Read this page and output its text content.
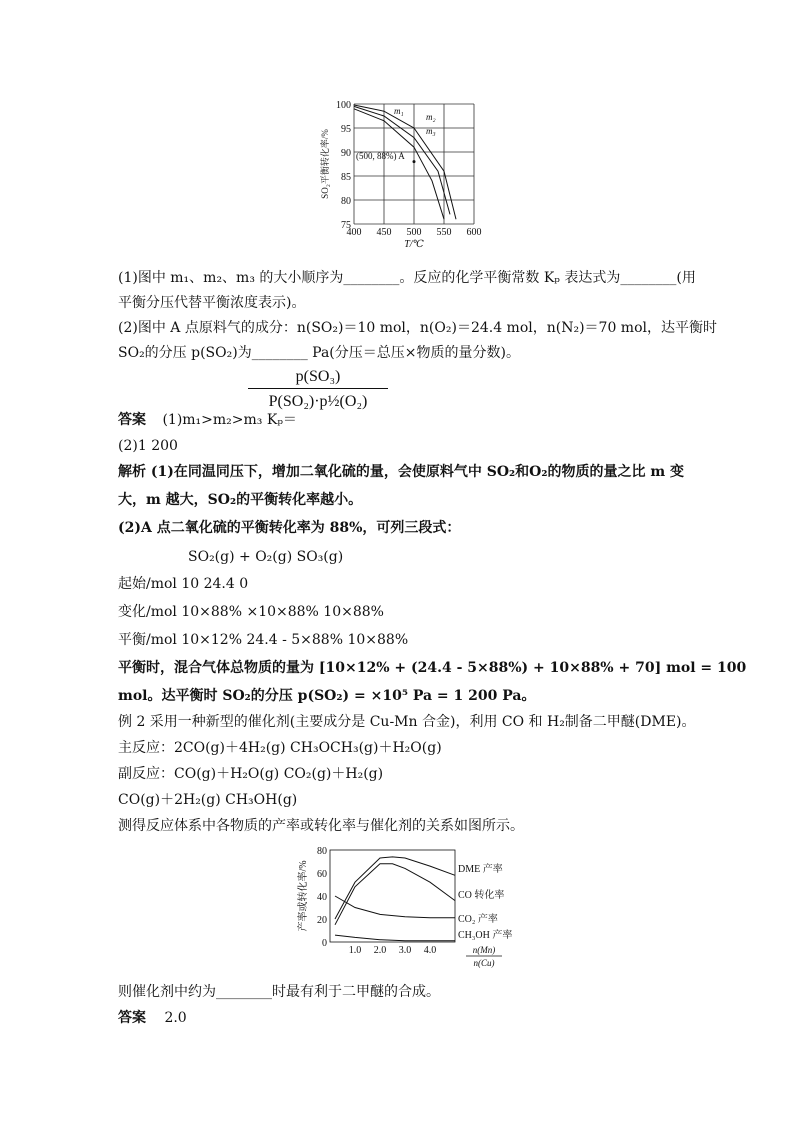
100
95
90
85
80
75
400 450 500 550 600
T/℃
SO₂平衡转化率/%
m₁
m₂
m₃
(500, 88%) A
(1)图中 m₁、m₂、m₃ 的大小顺序为________。反应的化学平衡常数 Kₚ 表达式为________(用
平衡分压代替平衡浓度表示)。
(2)图中 A 点原料气的成分：n(SO₂)＝10 mol，n(O₂)＝24.4 mol，n(N₂)＝70 mol，达平衡时
SO₂的分压 p(SO₂)为________ Pa(分压＝总压×物质的量分数)。
$\frac{\text{p(SO₃)}}{\text{P(SO₂)·p½(O₂)}}$
答案 (1)m₁>m₂>m₃ Kₚ＝
(2)1 200
解析 (1)在同温同压下，增加二氧化硫的量，会使原料气中 SO₂和O₂的物质的量之比 m 变
大，m 越大，SO₂的平衡转化率越小。
(2)A 点二氧化硫的平衡转化率为 88%，可列三段式：
SO₂(g) + O₂(g) SO₃(g)
起始/mol 10 24.4 0
变化/mol 10×88% ×10×88% 10×88%
平衡/mol 10×12% 24.4 - 5×88% 10×88%
平衡时，混合气体总物质的量为 [10×12% + (24.4 - 5×88%) + 10×88% + 70] mol = 100
mol。达平衡时 SO₂的分压 p(SO₂) = ×10⁵ Pa = 1 200 Pa。
例 2 采用一种新型的催化剂(主要成分是 Cu-Mn 合金)，利用 CO 和 H₂制备二甲醚(DME)。
主反应：2CO(g)＋4H₂(g) CH₃OCH₃(g)＋H₂O(g)
副反应：CO(g)＋H₂O(g) CO₂(g)＋H₂(g)
CO(g)＋2H₂(g) CH₃OH(g)
测得反应体系中各物质的产率或转化率与催化剂的关系如图所示。
80
60
40
20
0
1.0 2.0 3.0 4.0
产率或转化率/%
n(Mn)
n(Cu)
DME 产率
CO 转化率
CO₂ 产率
CH₃OH 产率
则催化剂中约为________时最有利于二甲醚的合成。
答案 2.0
